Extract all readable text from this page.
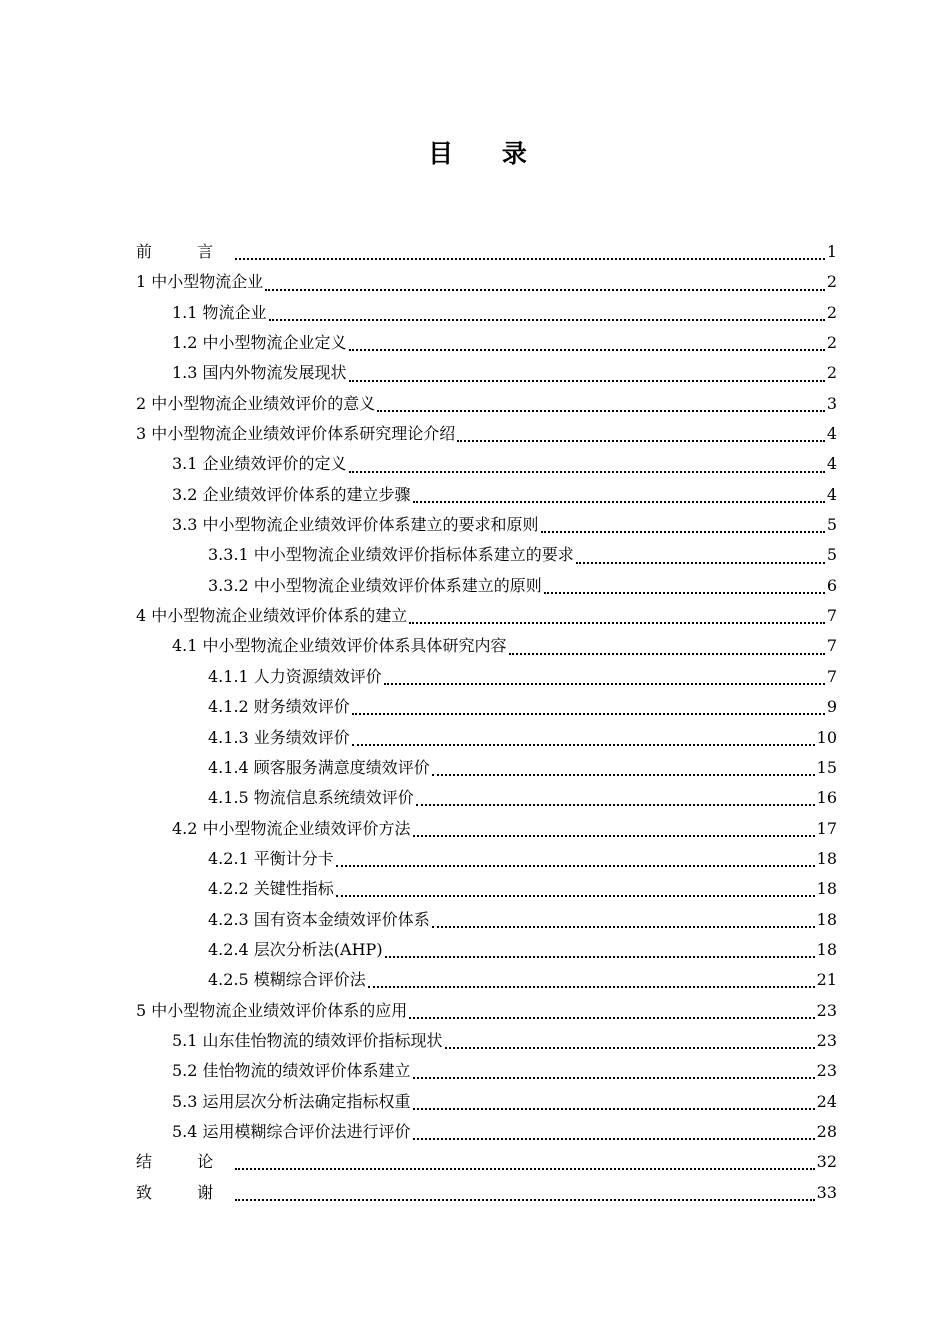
目 录
前 言	1
1 中小型物流企业	2
1.1 物流企业	2
1.2 中小型物流企业定义	2
1.3 国内外物流发展现状	2
2 中小型物流企业绩效评价的意义	3
3 中小型物流企业绩效评价体系研究理论介绍	4
3.1 企业绩效评价的定义	4
3.2 企业绩效评价体系的建立步骤	4
3.3 中小型物流企业绩效评价体系建立的要求和原则	5
3.3.1 中小型物流企业绩效评价指标体系建立的要求	5
3.3.2 中小型物流企业绩效评价体系建立的原则	6
4 中小型物流企业绩效评价体系的建立	7
4.1 中小型物流企业绩效评价体系具体研究内容	7
4.1.1 人力资源绩效评价	7
4.1.2 财务绩效评价	9
4.1.3 业务绩效评价	10
4.1.4 顾客服务满意度绩效评价	15
4.1.5 物流信息系统绩效评价	16
4.2 中小型物流企业绩效评价方法	17
4.2.1 平衡计分卡	18
4.2.2 关键性指标	18
4.2.3 国有资本金绩效评价体系	18
4.2.4 层次分析法(AHP)	18
4.2.5 模糊综合评价法	21
5 中小型物流企业绩效评价体系的应用	23
5.1 山东佳怡物流的绩效评价指标现状	23
5.2 佳怡物流的绩效评价体系建立	23
5.3 运用层次分析法确定指标权重	24
5.4 运用模糊综合评价法进行评价	28
结 论	32
致 谢	33
